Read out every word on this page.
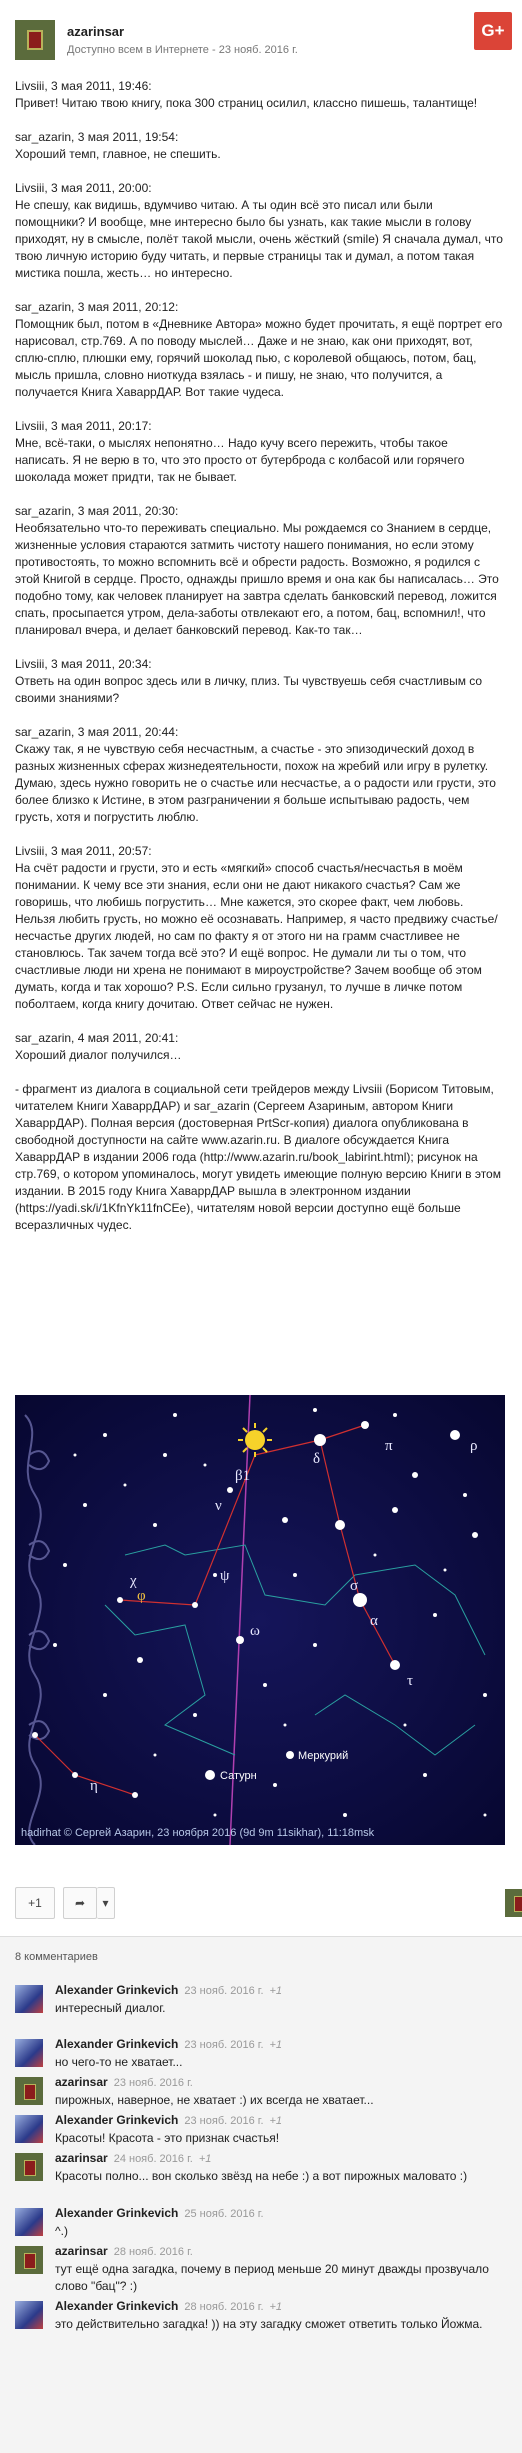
G+
azarinsar
Доступно всем в Интернете - 23 нояб. 2016 г.

Livsiii, 3 мая 2011, 19:46:
Привет! Читаю твою книгу, пока 300 страниц осилил, классно пишешь, талантище!

sar_azarin, 3 мая 2011, 19:54:
Хороший темп, главное, не спешить.

Livsiii, 3 мая 2011, 20:00:
Не спешу, как видишь, вдумчиво читаю. А ты один всё это писал или были помощники? И вообще, мне интересно было бы узнать, как такие мысли в голову приходят, ну в смысле, полёт такой мысли, очень жёсткий (smile) Я сначала думал, что твою личную историю буду читать, и первые страницы так и думал, а потом такая мистика пошла, жесть… но интересно.

sar_azarin, 3 мая 2011, 20:12:
Помощник был, потом в «Дневнике Автора» можно будет прочитать, я ещё портрет его нарисовал, стр.769. А по поводу мыслей… Даже и не знаю, как они приходят, вот, сплю-сплю, плюшки ему, горячий шоколад пью, с королевой общаюсь, потом, бац, мысль пришла, словно ниоткуда взялась - и пишу, не знаю, что получится, а получается Книга ХаваррДАР. Вот такие чудеса.

Livsiii, 3 мая 2011, 20:17:
Мне, всё-таки, о мыслях непонятно… Надо кучу всего пережить, чтобы такое написать. Я не верю в то, что это просто от бутерброда с колбасой или горячего шоколада может придти, так не бывает.

sar_azarin, 3 мая 2011, 20:30:
Необязательно что-то переживать специально. Мы рождаемся со Знанием в сердце, жизненные условия стараются затмить чистоту нашего понимания, но если этому противостоять, то можно вспомнить всё и обрести радость. Возможно, я родился с этой Книгой в сердце. Просто, однажды пришло время и она как бы написалась… Это подобно тому, как человек планирует на завтра сделать банковский перевод, ложится спать, просыпается утром, дела-заботы отвлекают его, а потом, бац, вспомнил!, что планировал вчера, и делает банковский перевод. Как-то так…

Livsiii, 3 мая 2011, 20:34:
Ответь на один вопрос здесь или в личку, плиз. Ты чувствуешь себя счастливым со своими знаниями?

sar_azarin, 3 мая 2011, 20:44:
Скажу так, я не чувствую себя несчастным, а счастье - это эпизодический доход в разных жизненных сферах жизнедеятельности, похож на жребий или игру в рулетку. Думаю, здесь нужно говорить не о счастье или несчастье, а о радости или грусти, это более близко к Истине, в этом разграничении я больше испытываю радость, чем грусть, хотя и погрустить люблю.

Livsiii, 3 мая 2011, 20:57:
На счёт радости и грусти, это и есть «мягкий» способ счастья/несчастья в моём понимании. К чему все эти знания, если они не дают никакого счастья? Сам же говоришь, что любишь погрустить… Мне кажется, это скорее факт, чем любовь. Нельзя любить грусть, но можно её осознавать. Например, я часто предвижу счастье/несчастье других людей, но сам по факту я от этого ни на грамм счастливее не становлюсь. Так зачем тогда всё это? И ещё вопрос. Не думали ли ты о том, что счастливые люди ни хрена не понимают в мироустройстве? Зачем вообще об этом думать, когда и так хорошо? P.S. Если сильно грузанул, то лучше в личке потом поболтаем, когда книгу дочитаю. Ответ сейчас не нужен.

sar_azarin, 4 мая 2011, 20:41:
Хороший диалог получился…

- фрагмент из диалога в социальной сети трейдеров между Livsiii (Борисом Титовым, читателем Книги ХаваррДАР) и sar_azarin (Сергеем Азариным, автором Книги ХаваррДАР). Полная версия (достоверная PrtScr-копия) диалога опубликована в свободной доступности на сайте www.azarin.ru. В диалоге обсуждается Книга ХаваррДАР в издании 2006 года (http://www.azarin.ru/book_labirint.html); рисунок на стр.769, о котором упоминалось, могут увидеть имеющие полную версию Книги в этом издании. В 2015 году Книга ХаваррДАР вышла в электронном издании (https://yadi.sk/i/1KfnYk11fnCEe), читателям новой версии доступно ещё больше всеразличных чудес.

β1
δ
π	ρ
ν
χ	ψ
σ
ω
α
τ
η
φ
Сатурн
Меркурий
hadirhat © Сергей Азарин, 23 ноября 2016 (9d 9m 11sikhar), 11:18msk
+1	➦	▾
8 комментариев
Alexander Grinkevich 23 нояб. 2016 г. +1
интересный диалог.
Alexander Grinkevich 23 нояб. 2016 г. +1
но чего-то не хватает...
azarinsar 23 нояб. 2016 г.
пирожных, наверное, не хватает :) их всегда не хватает...
Alexander Grinkevich 23 нояб. 2016 г. +1
Красоты! Красота - это признак счастья!
azarinsar 24 нояб. 2016 г. +1
Красоты полно... вон сколько звёзд на небе :) а вот пирожных маловато :)
Alexander Grinkevich 25 нояб. 2016 г.
^.)
azarinsar 28 нояб. 2016 г.
тут ещё одна загадка, почему в период меньше 20 минут дважды прозвучало слово "бац"? :)
Alexander Grinkevich 28 нояб. 2016 г. +1
это действительно загадка! )) на эту загадку сможет ответить только Йожма.
